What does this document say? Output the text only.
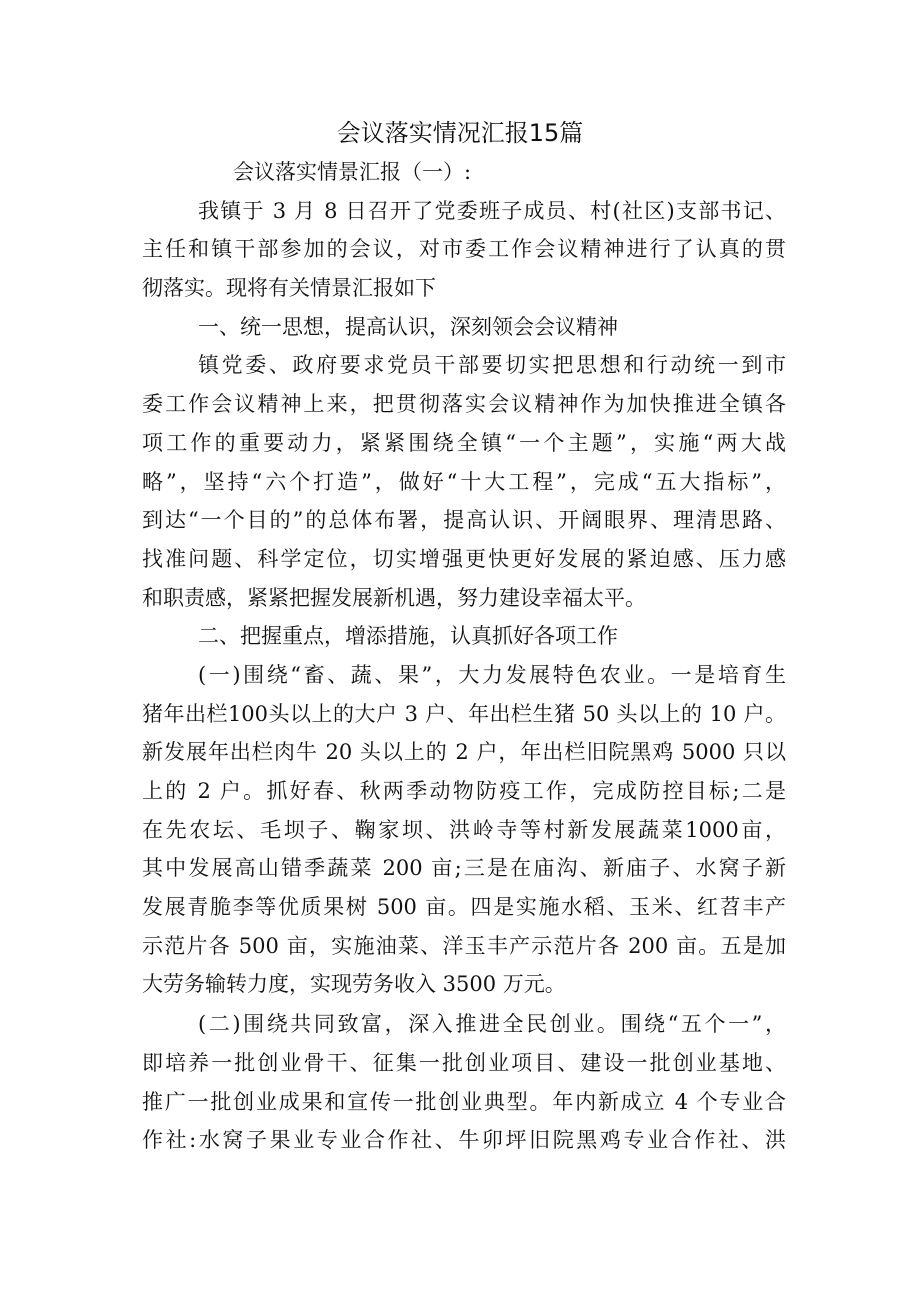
会议落实情况汇报15篇
会议落实情景汇报（一）:
我镇于 3 月 8 日召开了党委班子成员、村(社区)支部书记、
主任和镇干部参加的会议，对市委工作会议精神进行了认真的贯
彻落实。现将有关情景汇报如下
一、统一思想，提高认识，深刻领会会议精神
镇党委、政府要求党员干部要切实把思想和行动统一到市
委工作会议精神上来，把贯彻落实会议精神作为加快推进全镇各
项工作的重要动力，紧紧围绕全镇“一个主题”，实施“两大战
略”，坚持“六个打造”，做好“十大工程”，完成“五大指标”，
到达“一个目的”的总体布署，提高认识、开阔眼界、理清思路、
找准问题、科学定位，切实增强更快更好发展的紧迫感、压力感
和职责感，紧紧把握发展新机遇，努力建设幸福太平。
二、把握重点，增添措施，认真抓好各项工作
(一)围绕“畜、蔬、果”，大力发展特色农业。一是培育生
猪年出栏100头以上的大户 3 户、年出栏生猪 50 头以上的 10 户。
新发展年出栏肉牛 20 头以上的 2 户，年出栏旧院黑鸡 5000 只以
上的 2 户。抓好春、秋两季动物防疫工作，完成防控目标;二是
在先农坛、毛坝子、鞠家坝、洪岭寺等村新发展蔬菜1000亩，
其中发展高山错季蔬菜 200 亩;三是在庙沟、新庙子、水窝子新
发展青脆李等优质果树 500 亩。四是实施水稻、玉米、红苕丰产
示范片各 500 亩，实施油菜、洋玉丰产示范片各 200 亩。五是加
大劳务输转力度，实现劳务收入 3500 万元。
(二)围绕共同致富，深入推进全民创业。围绕“五个一”，
即培养一批创业骨干、征集一批创业项目、建设一批创业基地、
推广一批创业成果和宣传一批创业典型。年内新成立 4 个专业合
作社:水窝子果业专业合作社、牛卯坪旧院黑鸡专业合作社、洪
